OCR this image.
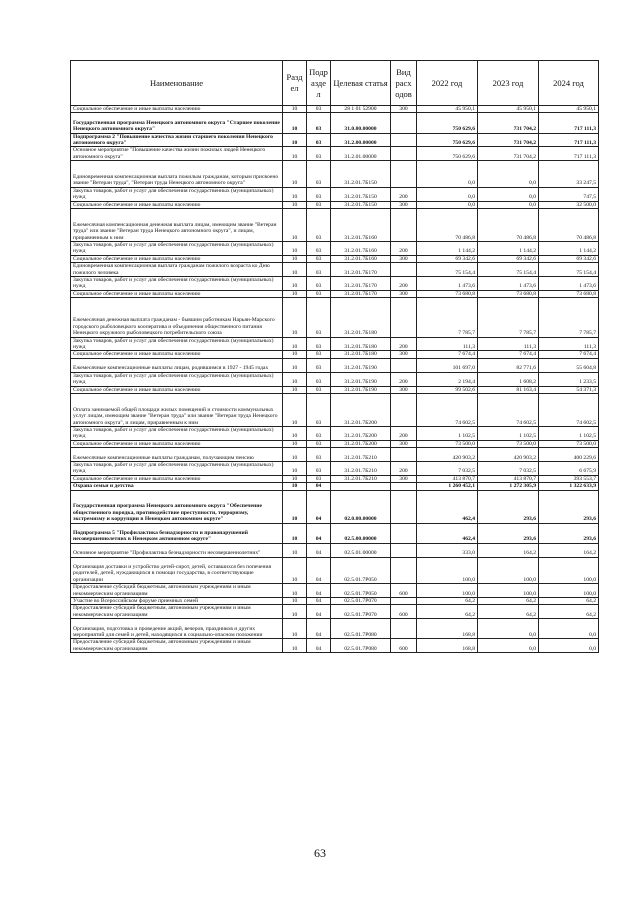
Наименование	Разд ел	Подр азде л	Целевая статья	Вид расх одов	2022 год	2023 год	2024 год
Социальное обеспечение и иные выплаты населению	10	03	28 1 01 52900	300	45 950,1	45 950,1	45 950,1
Государственная программа Ненецкого автономного округа "Старшее поколение Ненецкого автономного округа"	10	03	31.0.00.00000		750 629,6	731 704,2	717 111,3
Подпрограмма 2 "Повышение качества жизни старшего поколения Ненецкого автономного округа"	10	03	31.2.00.00000		750 629,6	731 704,2	717 111,3
Основное мероприятие "Повышение качества жизни пожилых людей Ненецкого автономного округа"	10	03	31.2.01.00000		750 629,6	731 704,2	717 111,3
Единовременная компенсационная выплата пожилым гражданам, которым присвоено звание "Ветеран труда", "Ветеран труда Ненецкого автономного округа"	10	03	31.2.01.7Б150		0,0	0,0	33 247,5
Закупка товаров, работ и услуг для обеспечения государственных (муниципальных) нужд	10	03	31.2.01.7Б150	200	0,0	0,0	747,5
Социальное обеспечение и иные выплаты населению	10	03	31.2.01.7Б150	300	0,0	0,0	32 500,0
Ежемесячная компенсационная денежная выплата лицам, имеющим звание "Ветеран труда" или звание "Ветеран труда Ненецкого автономного округа", и лицам, приравненным к ним	10	03	31.2.01.7Б160		70 486,8	70 486,8	70 486,8
Закупка товаров, работ и услуг для обеспечения государственных (муниципальных) нужд	10	03	31.2.01.7Б160	200	1 144,2	1 144,2	1 144,2
Социальное обеспечение и иные выплаты населению	10	03	31.2.01.7Б160	300	69 342,6	69 342,6	69 342,6
Единовременная компенсационная выплата гражданам пожилого возраста ко Дню пожилого человека	10	03	31.2.01.7Б170		75 154,4	75 154,4	75 154,4
Закупка товаров, работ и услуг для обеспечения государственных (муниципальных) нужд	10	03	31.2.01.7Б170	200	1 473,6	1 473,6	1 473,6
Социальное обеспечение и иные выплаты населению	10	03	31.2.01.7Б170	300	73 680,8	73 680,8	73 680,8
Ежемесячная денежная выплата гражданам - бывшим работникам Нарьян-Марского городского рыболовецкого кооператива и объединения общественного питания Ненецкого окружного рыболовецкого потребительского союза	10	03	31.2.01.7Б180		7 785,7	7 785,7	7 785,7
Закупка товаров, работ и услуг для обеспечения государственных (муниципальных) нужд	10	03	31.2.01.7Б180	200	111,3	111,3	111,3
Социальное обеспечение и иные выплаты населению	10	03	31.2.01.7Б180	300	7 674,4	7 674,4	7 674,4
Ежемесячные компенсационные выплаты лицам, родившимся в 1927 - 1945 годах	10	03	31.2.01.7Б190		101 697,0	82 771,6	55 604,8
Закупка товаров, работ и услуг для обеспечения государственных (муниципальных) нужд	10	03	31.2.01.7Б190	200	2 194,4	1 608,2	1 233,5
Социальное обеспечение и иные выплаты населению	10	03	31.2.01.7Б190	300	99 502,6	81 163,4	54 371,3
Оплата занимаемой общей площади жилых помещений и стоимости коммунальных услуг лицам, имеющим звание "Ветеран труда" или звание "Ветеран труда Ненецкого автономного округа", и лицам, приравненным к ним	10	03	31.2.01.7Б200		74 602,5	74 602,5	74 602,5
Закупка товаров, работ и услуг для обеспечения государственных (муниципальных) нужд	10	03	31.2.01.7Б200	200	1 102,5	1 102,5	1 102,5
Социальное обеспечение и иные выплаты населению	10	03	31.2.01.7Б200	300	73 500,0	73 500,0	73 500,0
Ежемесячные компенсационные выплаты гражданам, получающим пенсию	10	03	31.2.01.7Б210		420 903,2	420 903,2	400 229,6
Закупка товаров, работ и услуг для обеспечения государственных (муниципальных) нужд	10	03	31.2.01.7Б210	200	7 032,5	7 032,5	6 675,9
Социальное обеспечение и иные выплаты населению	10	03	31.2.01.7Б210	300	413 870,7	413 870,7	393 553,7
Охрана семьи и детства	10	04			1 260 452,1	1 272 305,9	1 322 633,9
Государственная программа Ненецкого автономного округа "Обеспечение общественного порядка, противодействие преступности, терроризму, экстремизму и коррупции в Ненецком автономном округе"	10	04	02.0.00.00000		462,4	293,6	293,6
Подпрограмма 5 "Профилактика безнадзорности и правонарушений несовершеннолетних в Ненецком автономном округе"	10	04	02.5.00.00000		462,4	293,6	293,6
Основное мероприятие "Профилактика безнадзорности несовершеннолетних"	10	04	02.5.01.00000		333,0	164,2	164,2
Организация доставки и устройство детей-сирот, детей, оставшихся без попечения родителей, детей, нуждающихся в помощи государства, в соответствующие организации	10	04	02.5.01.7Р050		100,0	100,0	100,0
Предоставление субсидий бюджетным, автономным учреждениям и иным некоммерческим организациям	10	04	02.5.01.7Р050	600	100,0	100,0	100,0
Участие во Всероссийском форуме приемных семей	10	04	02.5.01.7Р070		64,2	64,2	64,2
Предоставление субсидий бюджетным, автономным учреждениям и иным некоммерческим организациям	10	04	02.5.01.7Р070	600	64,2	64,2	64,2
Организация, подготовка и проведение акций, вечеров, праздников и других мероприятий для семей и детей, находящихся в социально-опасном положении	10	04	02.5.01.7Р080		168,8	0,0	0,0
Предоставление субсидий бюджетным, автономным учреждениям и иным некоммерческим организациям	10	04	02.5.01.7Р080	600	168,8	0,0	0,0
63
